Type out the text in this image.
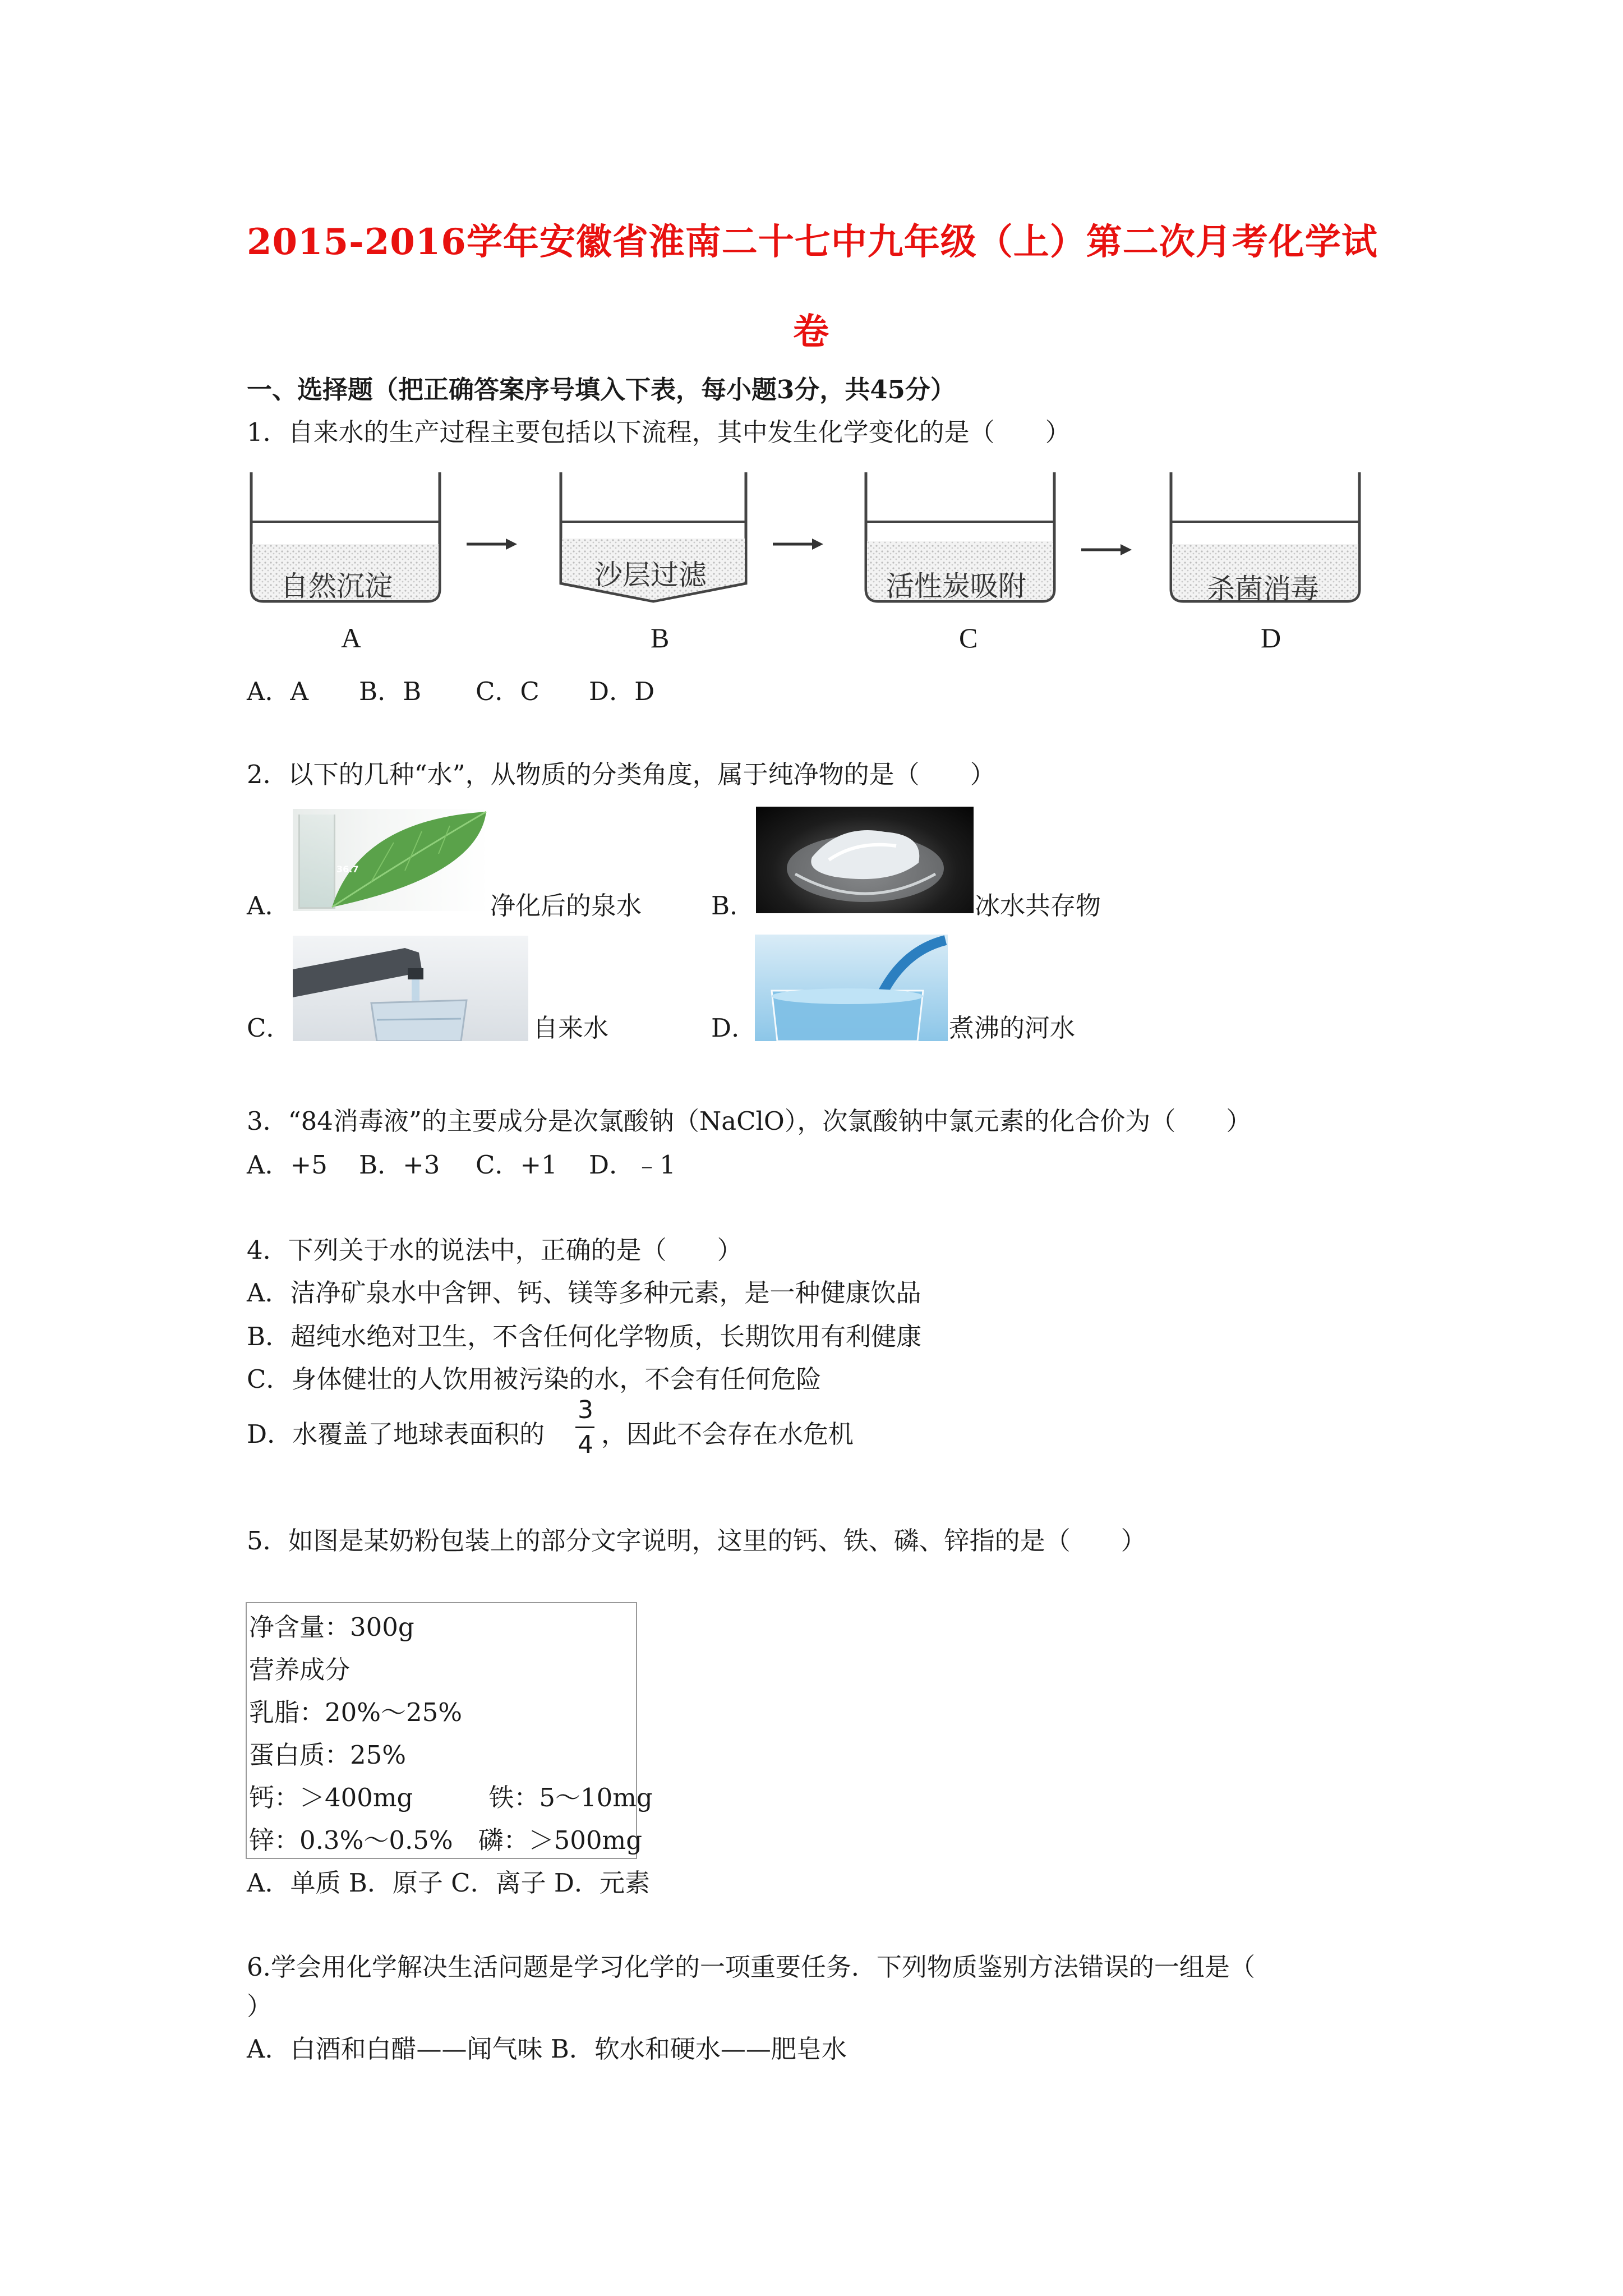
2015-2016学年安徽省淮南二十七中九年级（上）第二次月考化学试
卷
一、选择题（把正确答案序号填入下表，每小题3分，共45分）
1．自来水的生产过程主要包括以下流程，其中发生化学变化的是（　　）
自然沉淀	沙层过滤	活性炭吸附	杀菌消毒
A	B	C	D
A．A B．B C．C D．D
2．以下的几种“水”，从物质的分类角度，属于纯净物的是（　　）
36.7
A．	净化后的泉水	B．	冰水共存物
C．	自来水	D．	煮沸的河水
3．“84消毒液”的主要成分是次氯酸钠（NaClO），次氯酸钠中氯元素的化合价为（　　）
A．+5 B．+3 C．+1 D．﹣1
4．下列关于水的说法中，正确的是（　　）
A．洁净矿泉水中含钾、钙、镁等多种元素，是一种健康饮品
B．超纯水绝对卫生，不含任何化学物质，长期饮用有利健康
C．身体健壮的人饮用被污染的水，不会有任何危险
D．水覆盖了地球表面积的
3
4 ，因此不会存在水危机
5．如图是某奶粉包装上的部分文字说明，这里的钙、铁、磷、锌指的是（　　）
净含量：300g
营养成分
乳脂：20%～25%
蛋白质：25%
钙：＞400mg　　　铁：5～10mg
锌：0.3%～0.5%　磷：＞500mg
A．单质 B．原子 C．离子 D．元素
6.学会用化学解决生活问题是学习化学的一项重要任务．下列物质鉴别方法错误的一组是（
）
A．白酒和白醋——闻气味 B．软水和硬水——肥皂水
